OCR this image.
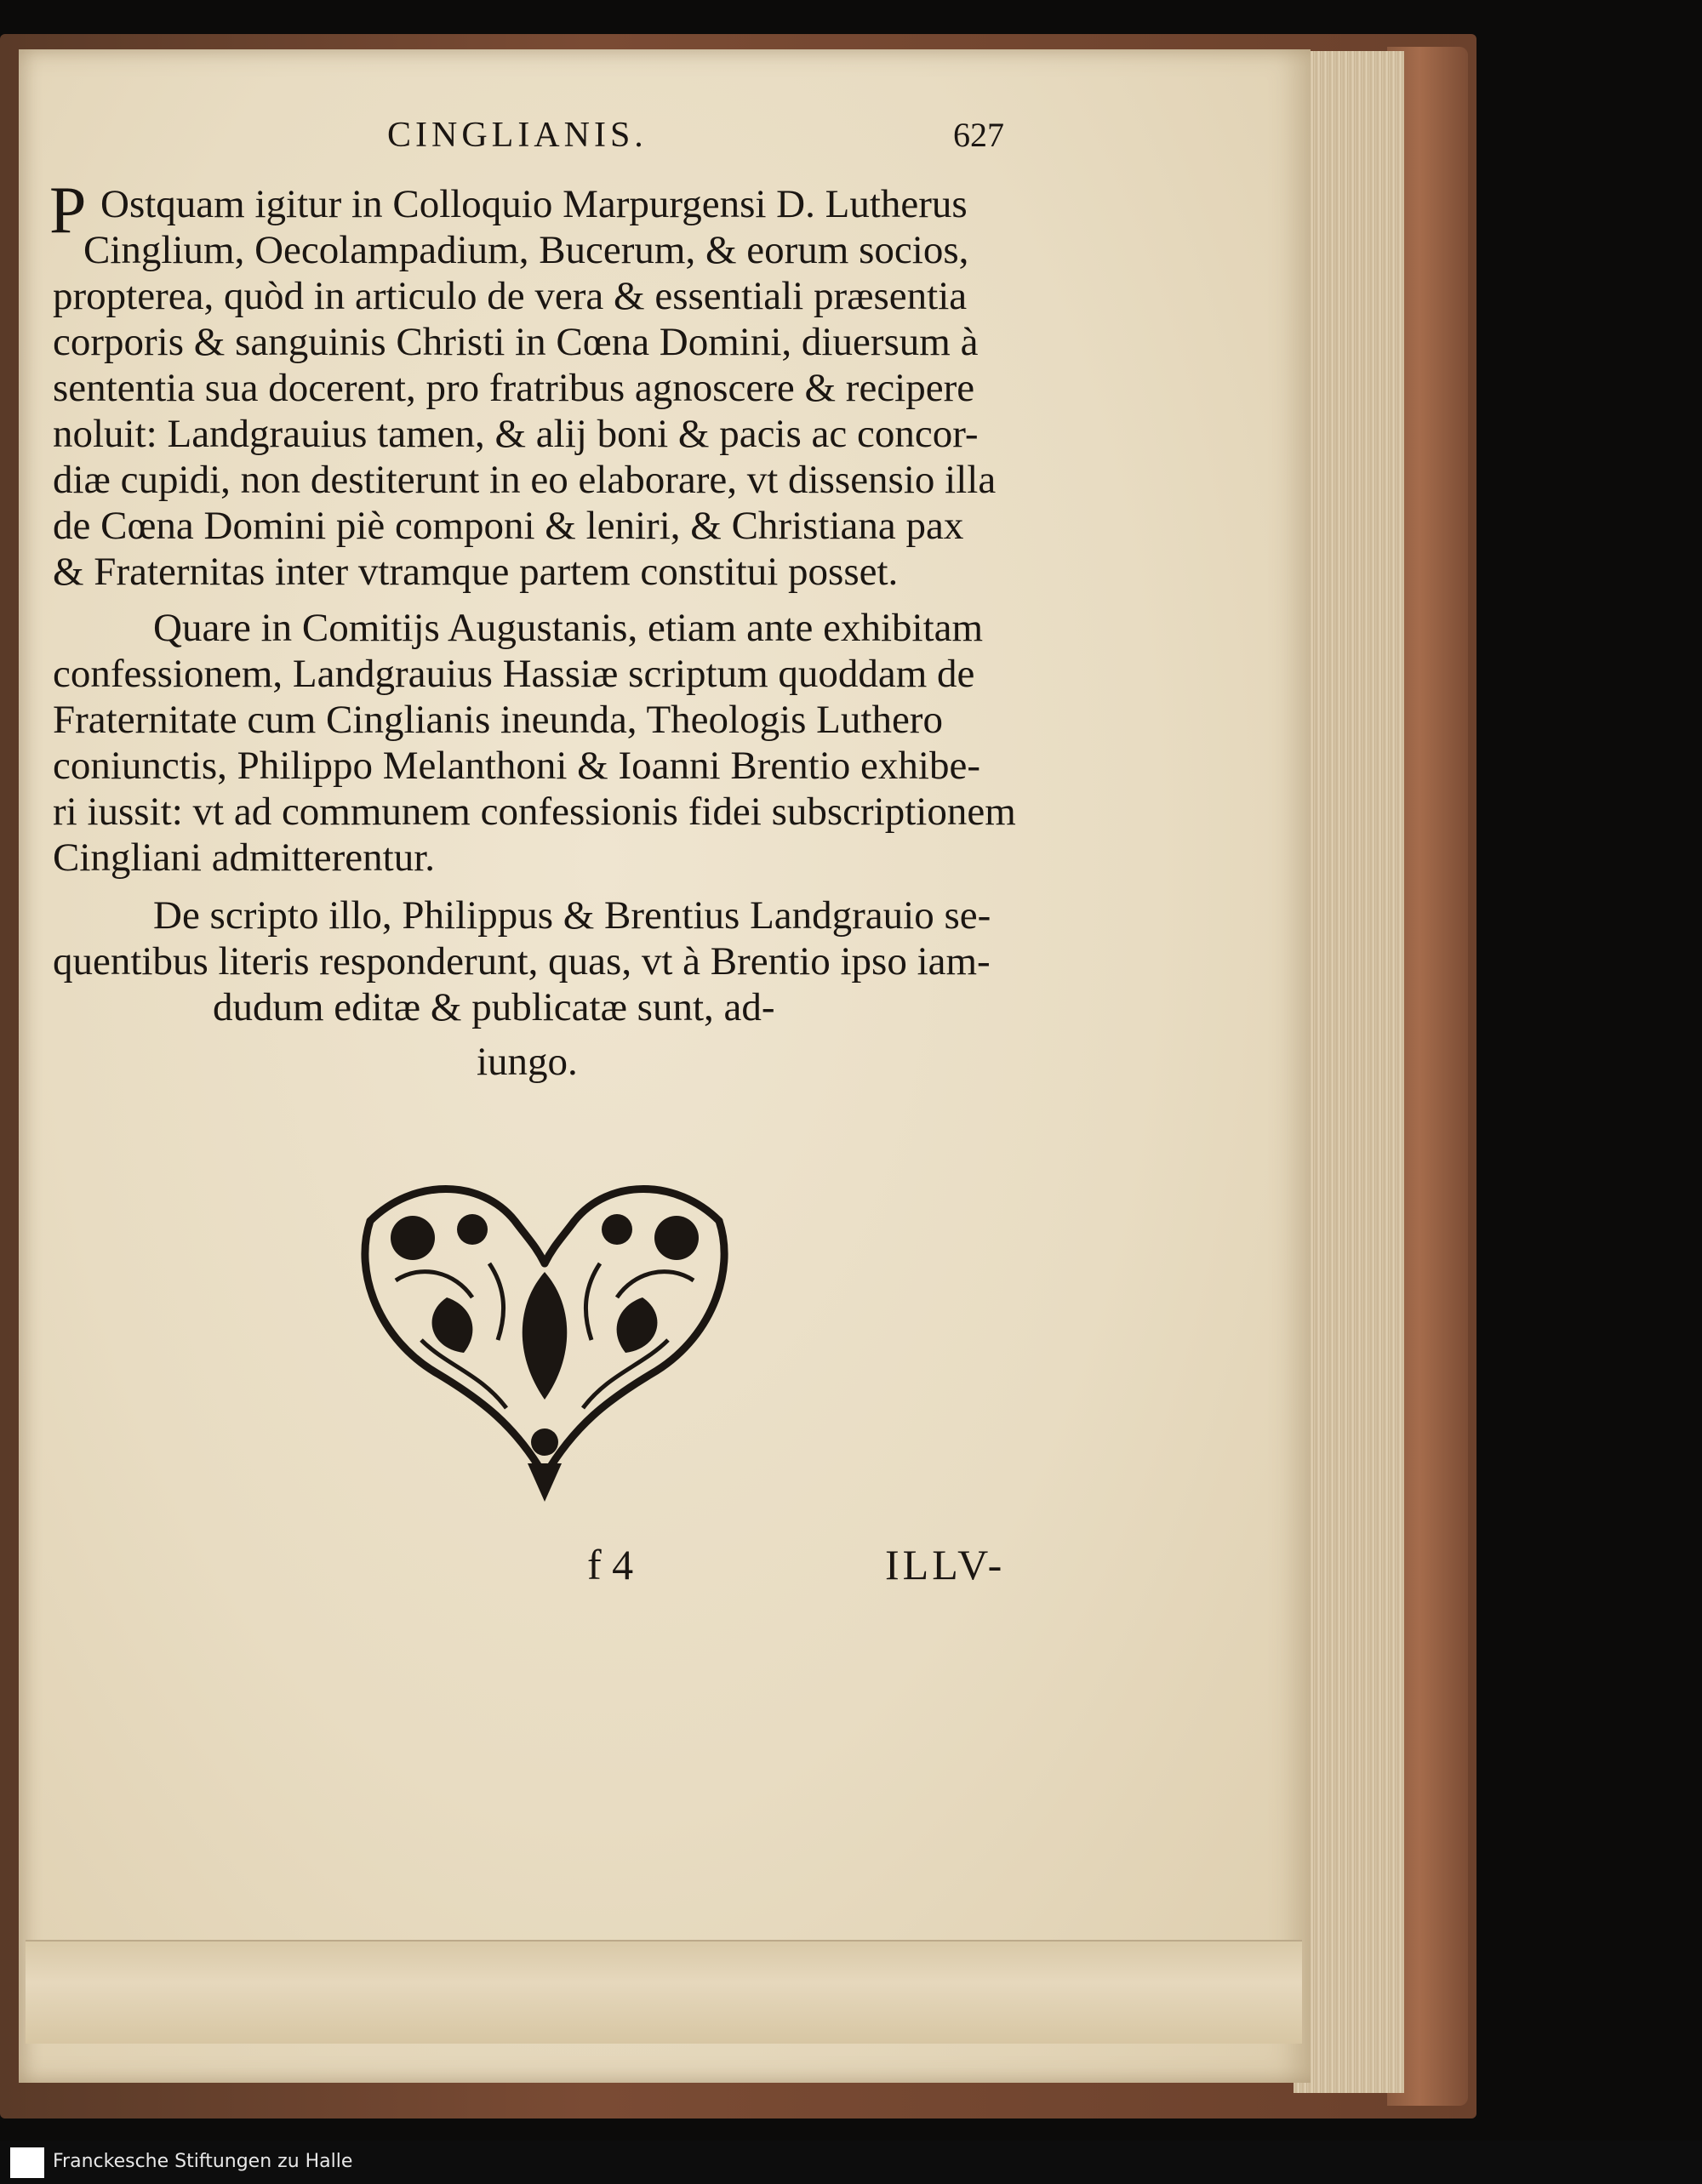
CINGLIANIS.	627
P Ostquam igitur in Colloquio Marpurgensi D. Lutherus
Cinglium, Oecolampadium, Bucerum, & eorum socios,
propterea, quòd in articulo de vera & essentiali præsentia
corporis & sanguinis Christi in Cœna Domini, diuersum à
sententia sua docerent, pro fratribus agnoscere & recipere
noluit: Landgrauius tamen, & alij boni & pacis ac concor-
diæ cupidi, non destiterunt in eo elaborare, vt dissensio illa
de Cœna Domini piè componi & leniri, & Christiana pax
& Fraternitas inter vtramque partem constitui posset.
Quare in Comitijs Augustanis, etiam ante exhibitam
confessionem, Landgrauius Hassiæ scriptum quoddam de
Fraternitate cum Cinglianis ineunda, Theologis Luthero
coniunctis, Philippo Melanthoni & Ioanni Brentio exhibe-
ri iussit: vt ad communem confessionis fidei subscriptionem
Cingliani admitterentur.
De scripto illo, Philippus & Brentius Landgrauio se-
quentibus literis responderunt, quas, vt à Brentio ipso iam-
dudum editæ & publicatæ sunt, ad-
iungo.
f 4	ILLV-
Franckesche Stiftungen zu Halle
